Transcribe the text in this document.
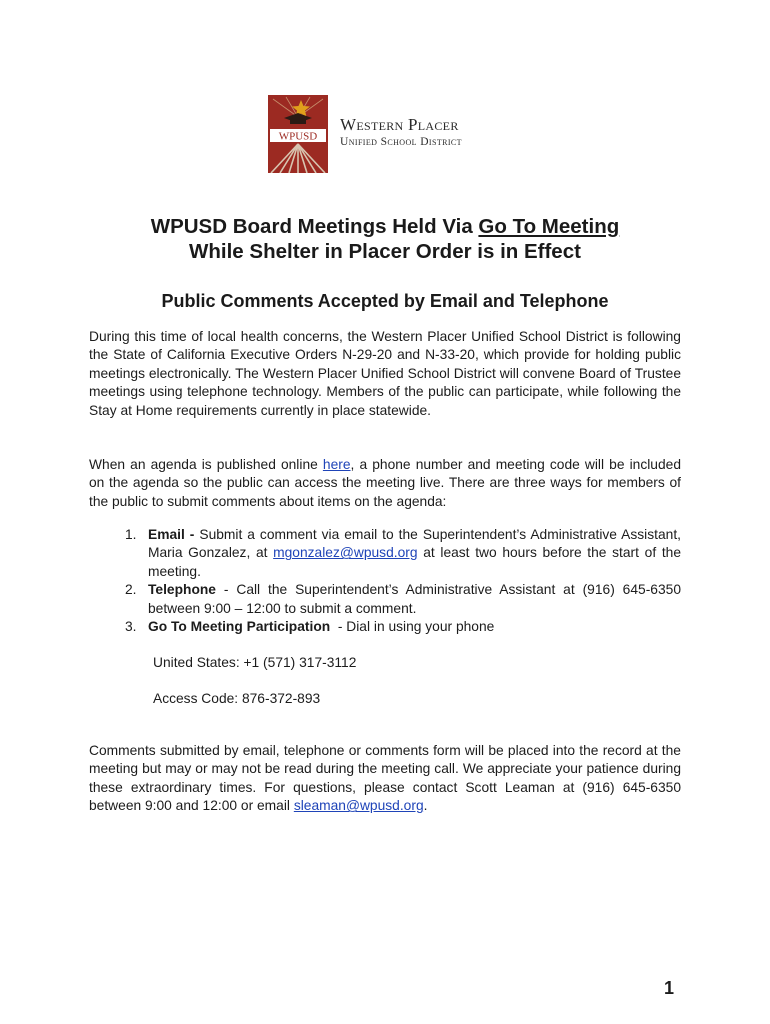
WPUSD
Western Placer
Unified School District
WPUSD Board Meetings Held Via Go To Meeting
While Shelter in Placer Order is in Effect
Public Comments Accepted by Email and Telephone

During this time of local health concerns, the Western Placer Unified School District is following the State of California Executive Orders N-29-20 and N-33-20, which provide for holding public meetings electronically. The Western Placer Unified School District will convene Board of Trustee meetings using telephone technology. Members of the public can participate, while following the Stay at Home requirements currently in place statewide.

When an agenda is published online here, a phone number and meeting code will be included on the agenda so the public can access the meeting live. There are three ways for members of the public to submit comments about items on the agenda:

1. Email - Submit a comment via email to the Superintendent’s Administrative Assistant, Maria Gonzalez, at mgonzalez@wpusd.org at least two hours before the start of the meeting.
2. Telephone - Call the Superintendent’s Administrative Assistant at (916) 645-6350 between 9:00 – 12:00 to submit a comment.
3. Go To Meeting Participation  - Dial in using your phone
United States: +1 (571) 317-3112
Access Code: 876-372-893

Comments submitted by email, telephone or comments form will be placed into the record at the meeting but may or may not be read during the meeting call. We appreciate your patience during these extraordinary times. For questions, please contact Scott Leaman at (916) 645-6350 between 9:00 and 12:00 or email sleaman@wpusd.org.

1
